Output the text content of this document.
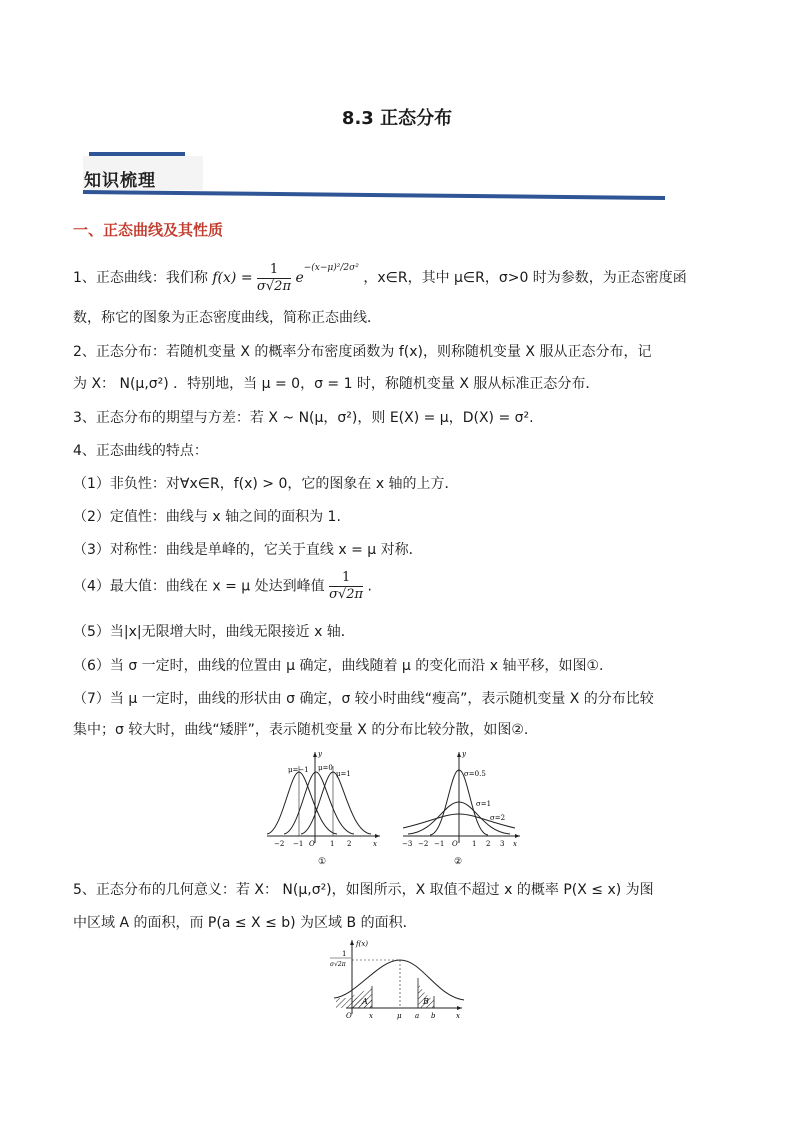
8.3 正态分布
知识梳理
一、正态曲线及其性质
1、正态曲线：我们称 $f(x) = \frac{1}{\sigma√2\pi} e^{-(x-\mu)^2/2\sigma^2}$ ，x∈R，其中 μ∈R，σ>0 时为参数，为正态密度函
数，称它的图象为正态密度曲线，简称正态曲线．
2、正态分布：若随机变量 X 的概率分布密度函数为 f(x)，则称随机变量 X 服从正态分布，记
为 X： N(μ,σ²) ．特别地，当 μ = 0，σ = 1 时，称随机变量 X 服从标准正态分布．
3、正态分布的期望与方差：若 X ~ N(μ，σ²)，则 E(X) = μ，D(X) = σ².
4、正态曲线的特点：
（1）非负性：对∀x∈R，f(x) > 0，它的图象在 x 轴的上方．
（2）定值性：曲线与 x 轴之间的面积为 1.
（3）对称性：曲线是单峰的，它关于直线 x = μ 对称．
（4）最大值：曲线在 x = μ 处达到峰值 $\frac{1}{\sigma√2\pi}$ .
（5）当|x|无限增大时，曲线无限接近 x 轴．
（6）当 σ 一定时，曲线的位置由 μ 确定，曲线随着 μ 的变化而沿 x 轴平移，如图①.
（7）当 μ 一定时，曲线的形状由 σ 确定，σ 较小时曲线“瘦高”，表示随机变量 X 的分布比较
集中；σ 较大时，曲线“矮胖”，表示随机变量 X 的分布比较分散，如图②.
μ=−1 μ=0
μ=1
y
x
−2 −1 O 1 2
①
σ=0.5
σ=1
σ=2
y
x
−3 −2 −1 O 1 2 3
②
5、正态分布的几何意义：若 X： N(μ,σ²)，如图所示，X 取值不超过 x 的概率 P(X ≤ x) 为图
中区域 A 的面积，而 P(a ≤ X ≤ b) 为区域 B 的面积．
f(x)
1
σ√2π
A	B
O x	μ a b	x
